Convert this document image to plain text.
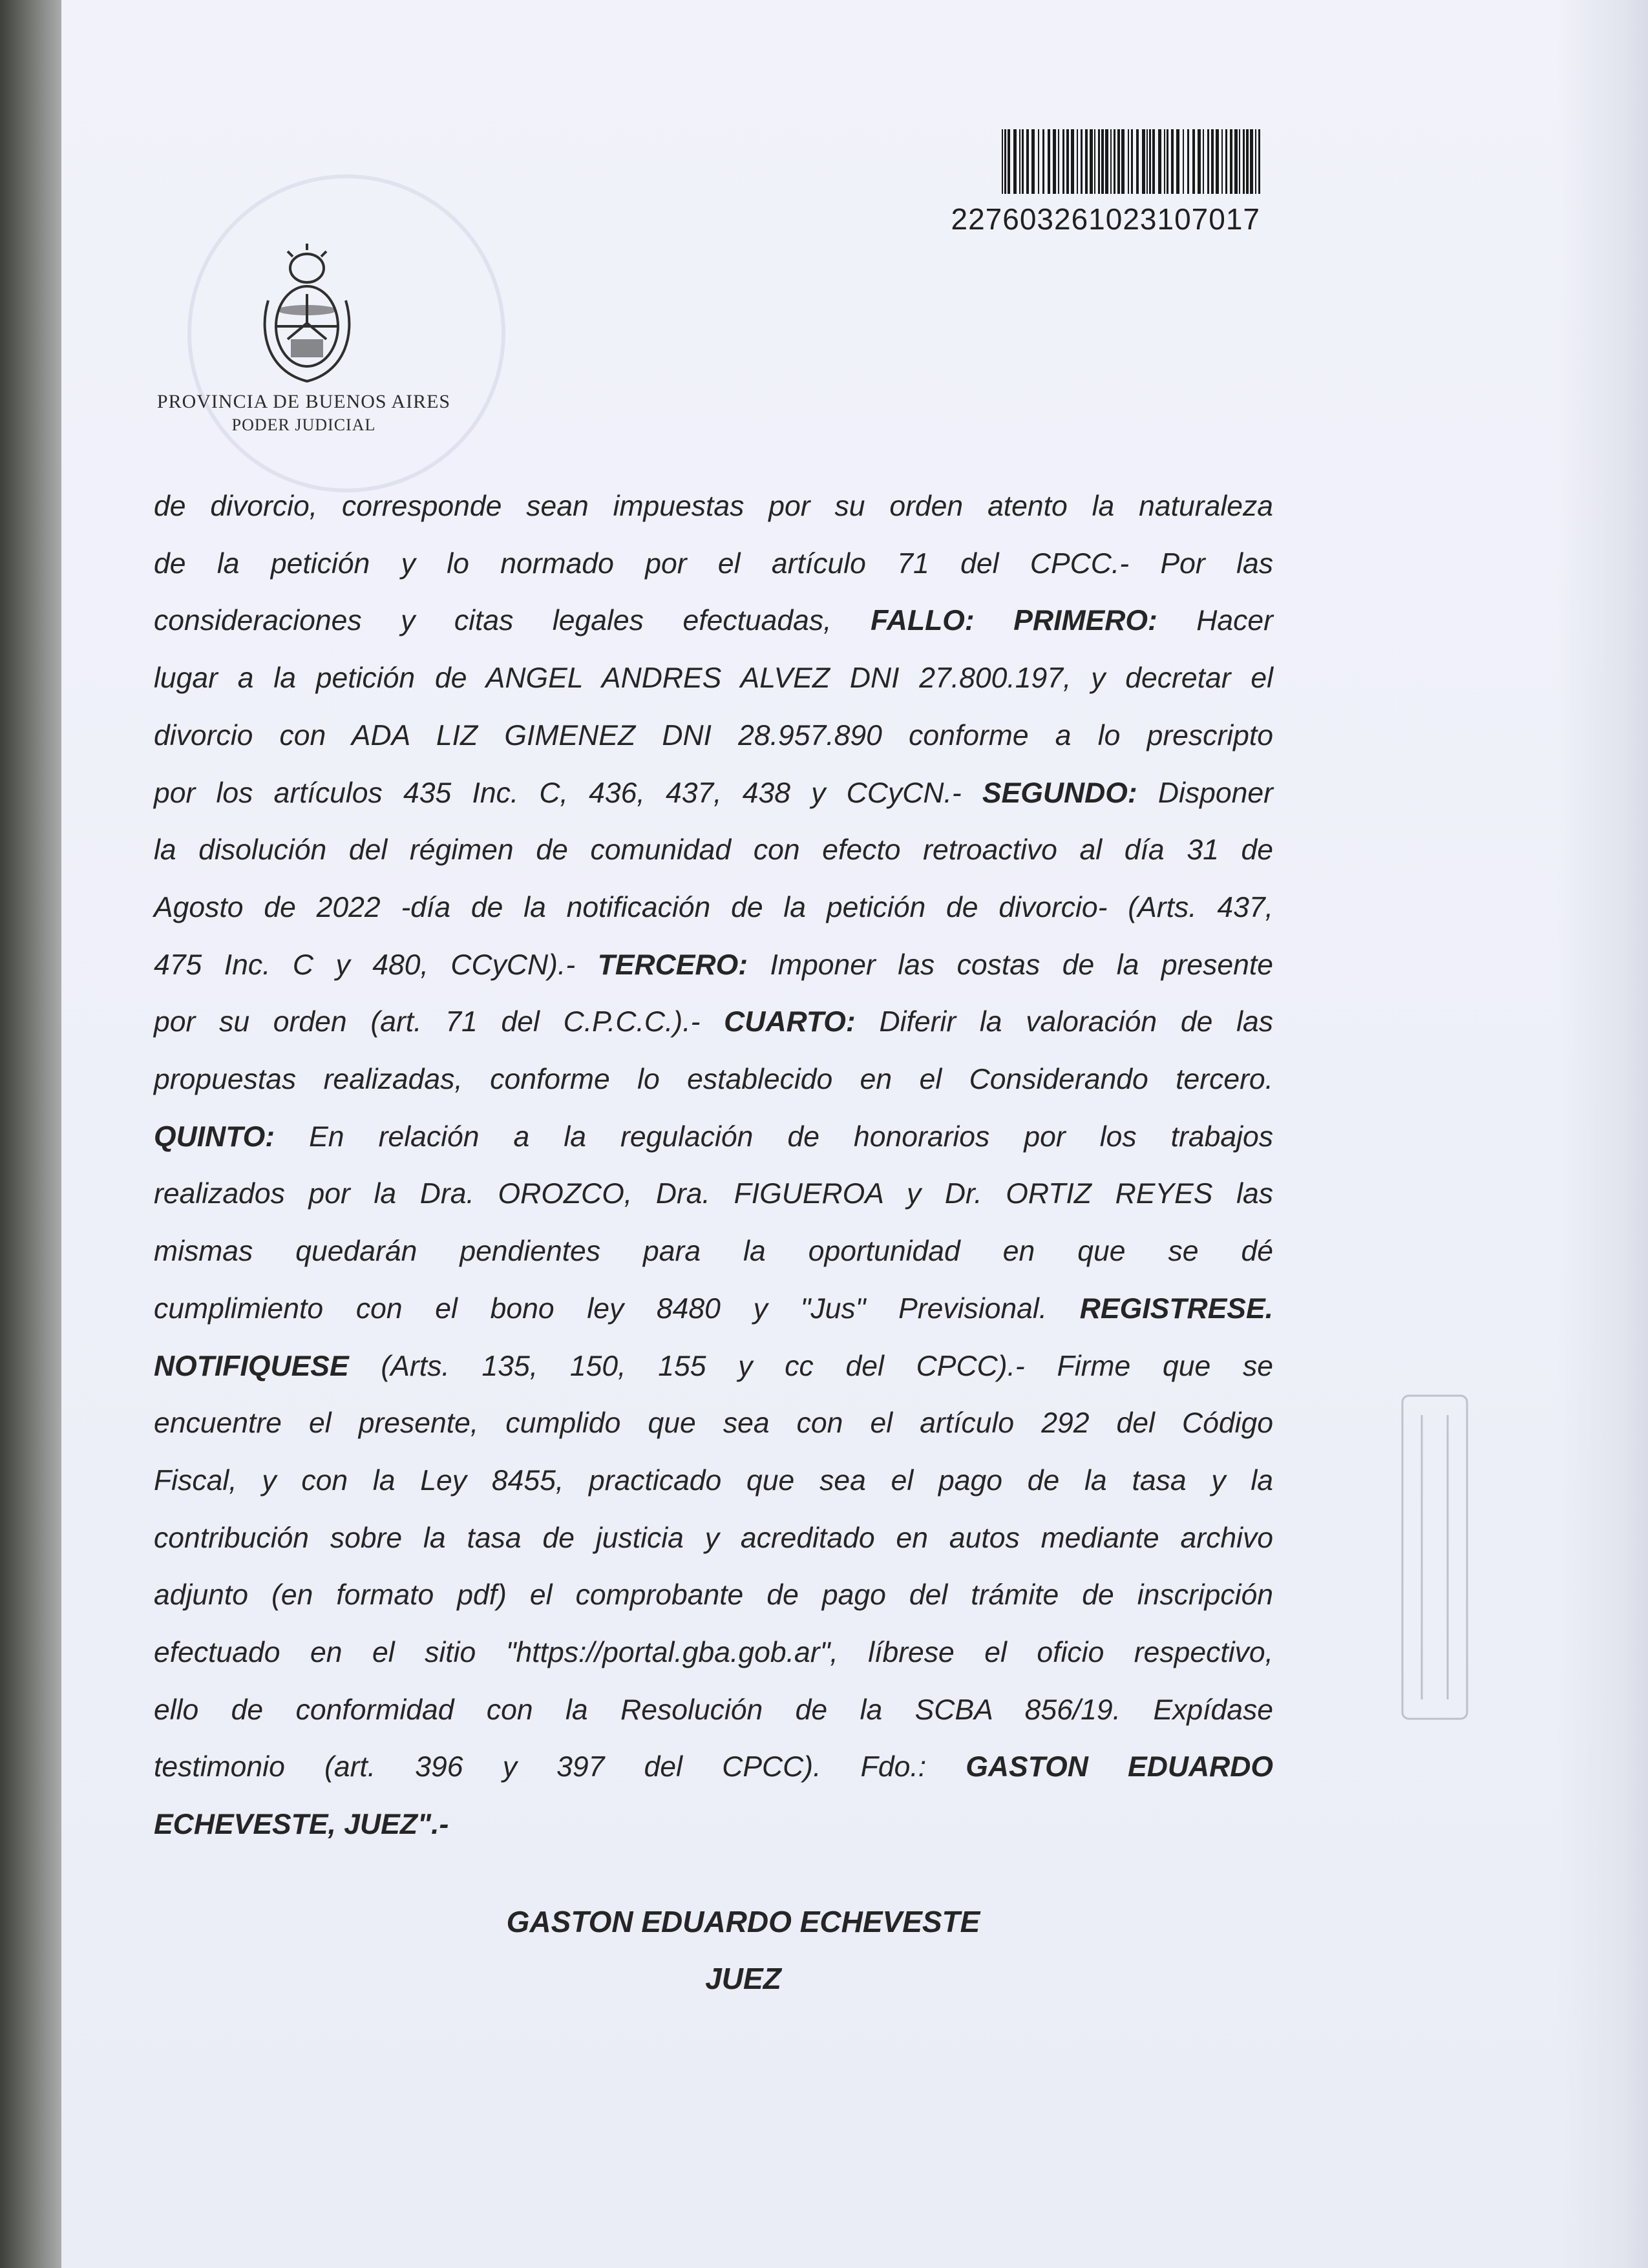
227603261023107017
PROVINCIA DE BUENOS AIRES
PODER JUDICIAL
de divorcio, corresponde sean impuestas por su orden atento la naturaleza
de la petición y lo normado por el artículo 71 del CPCC.- Por las
consideraciones y citas legales efectuadas, FALLO: PRIMERO: Hacer
lugar a la petición de ANGEL ANDRES ALVEZ DNI 27.800.197, y decretar el
divorcio con ADA LIZ GIMENEZ DNI 28.957.890 conforme a lo prescripto
por los artículos 435 Inc. C, 436, 437, 438 y CCyCN.- SEGUNDO: Disponer
la disolución del régimen de comunidad con efecto retroactivo al día 31 de
Agosto de 2022 -día de la notificación de la petición de divorcio- (Arts. 437,
475 Inc. C y 480, CCyCN).- TERCERO: Imponer las costas de la presente
por su orden (art. 71 del C.P.C.C.).- CUARTO: Diferir la valoración de las
propuestas realizadas, conforme lo establecido en el Considerando tercero.
QUINTO: En relación a la regulación de honorarios por los trabajos
realizados por la Dra. OROZCO, Dra. FIGUEROA y Dr. ORTIZ REYES las
mismas quedarán pendientes para la oportunidad en que se dé
cumplimiento con el bono ley 8480 y "Jus" Previsional. REGISTRESE.
NOTIFIQUESE (Arts. 135, 150, 155 y cc del CPCC).- Firme que se
encuentre el presente, cumplido que sea con el artículo 292 del Código
Fiscal, y con la Ley 8455, practicado que sea el pago de la tasa y la
contribución sobre la tasa de justicia y acreditado en autos mediante archivo
adjunto (en formato pdf) el comprobante de pago del trámite de inscripción
efectuado en el sitio "https://portal.gba.gob.ar", líbrese el oficio respectivo,
ello de conformidad con la Resolución de la SCBA 856/19. Expídase
testimonio (art. 396 y 397 del CPCC). Fdo.: GASTON EDUARDO
ECHEVESTE, JUEZ".-
GASTON EDUARDO ECHEVESTE
JUEZ
